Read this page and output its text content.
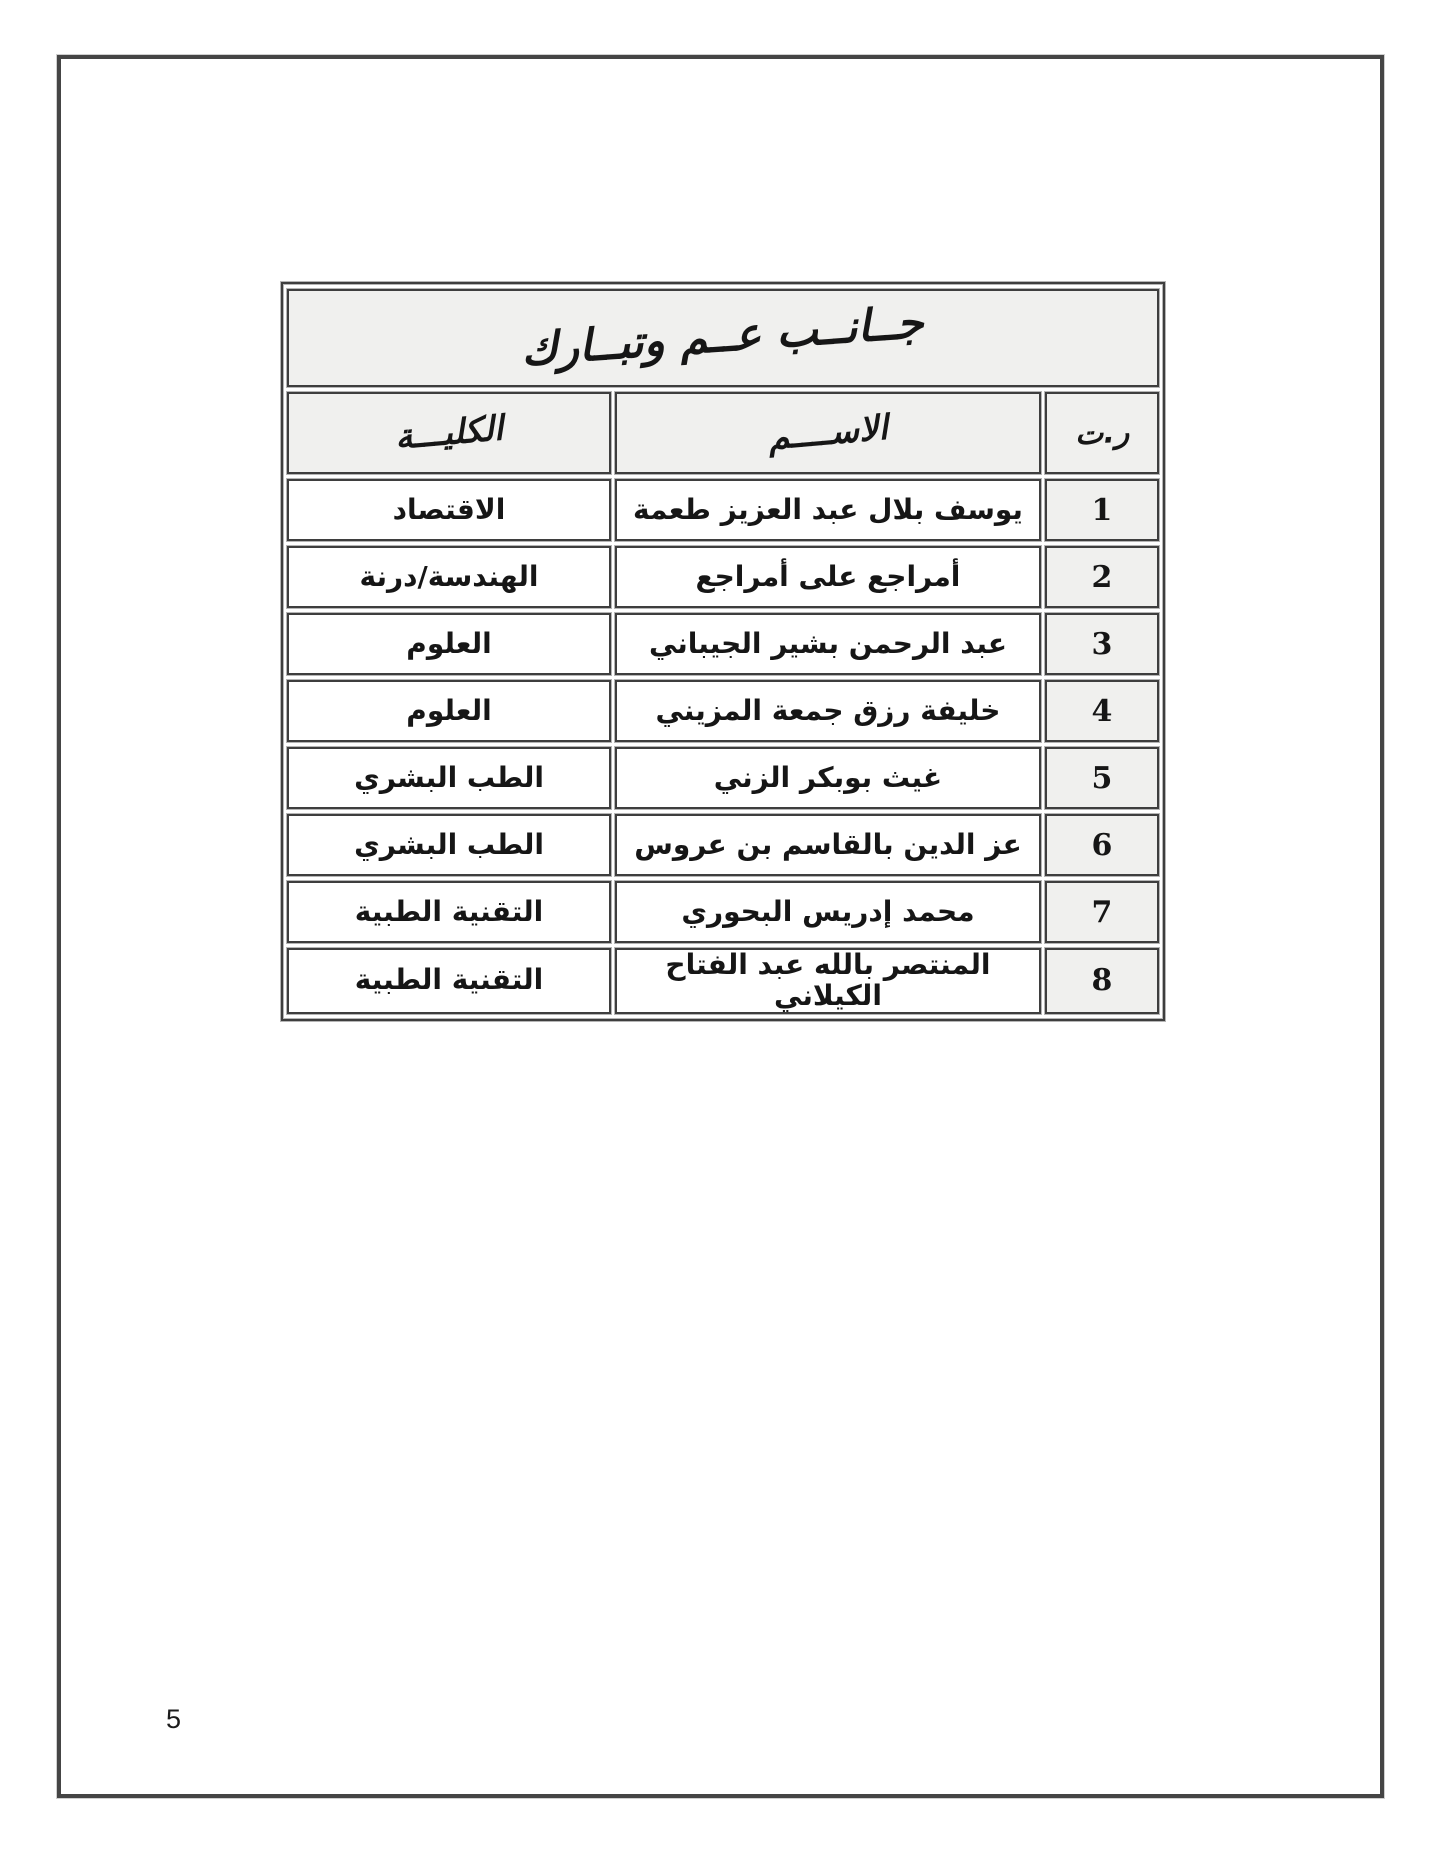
جــانــب عــم وتبــارك		
ر.ت	الاســــم	الكليـــة
1	يوسف بلال عبد العزيز طعمة	الاقتصاد
2	أمراجع على أمراجع	الهندسة/درنة
3	عبد الرحمن بشير الجيباني	العلوم
4	خليفة رزق جمعة المزيني	العلوم
5	غيث بوبكر الزني	الطب البشري
6	عز الدين بالقاسم بن عروس	الطب البشري
7	محمد إدريس البحوري	التقنية الطبية
8	المنتصر بالله عبد الفتاح الكيلاني	التقنية الطبية
5
